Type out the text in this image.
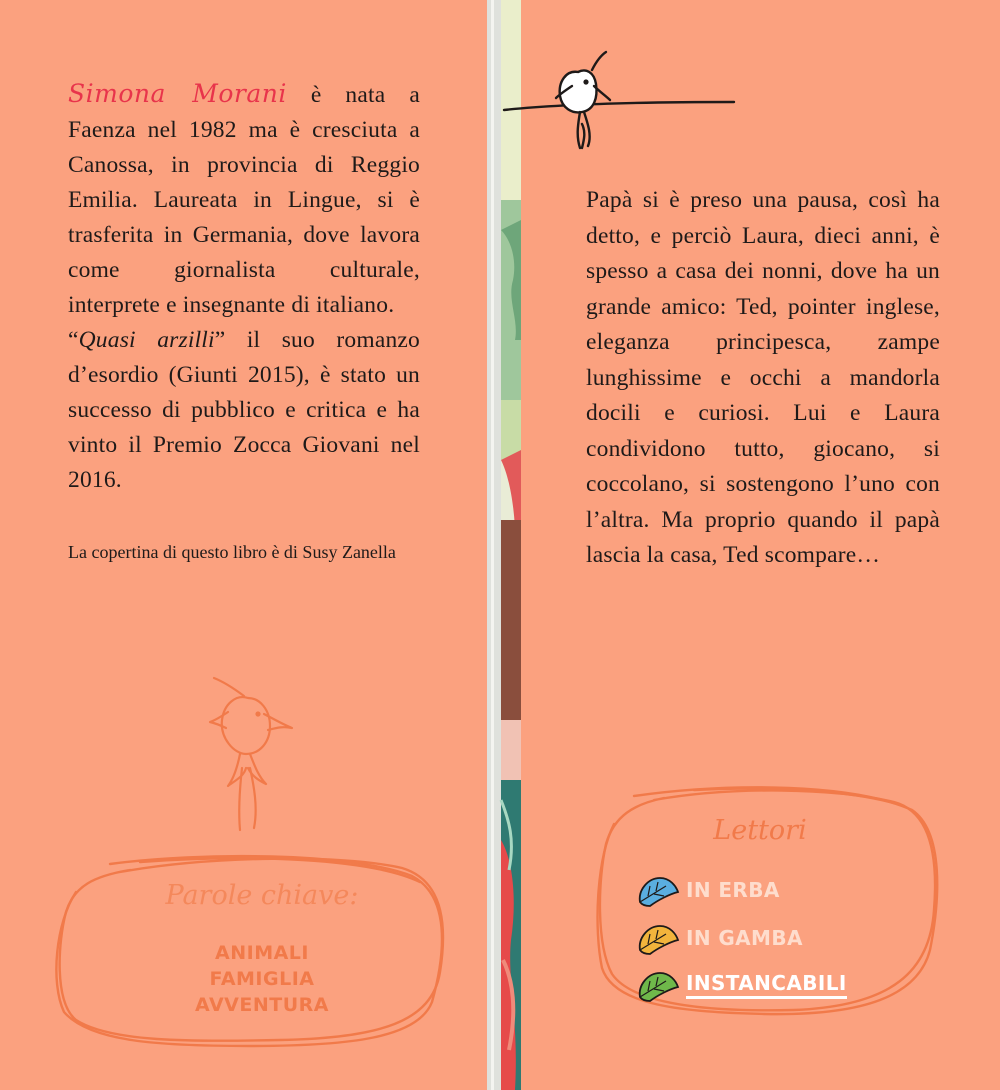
Simona Morani è nata a Faenza nel 1982 ma è cresciuta a Canossa, in provincia di Reggio Emilia. Laureata in Lingue, si è trasferita in Germania, dove lavora come giornalista culturale, interprete e insegnante di italiano.
“Quasi arzilli” il suo romanzo d’esordio (Giunti 2015), è stato un successo di pubblico e critica e ha vinto il Premio Zocca Giovani nel 2016.

La copertina di questo libro è di Susy Zanella
Parole chiave:
ANIMALI
FAMIGLIA
AVVENTURA
Papà si è preso una pausa, così ha detto, e perciò Laura, dieci anni, è spesso a casa dei nonni, dove ha un grande amico: Ted, pointer inglese, eleganza principesca, zampe lunghissime e occhi a mandorla docili e curiosi. Lui e Laura condividono tutto, giocano, si coccolano, si sostengono l’uno con l’altra. Ma proprio quando il papà lascia la casa, Ted scompare…
Lettori
IN ERBA
IN GAMBA
INSTANCABILI
